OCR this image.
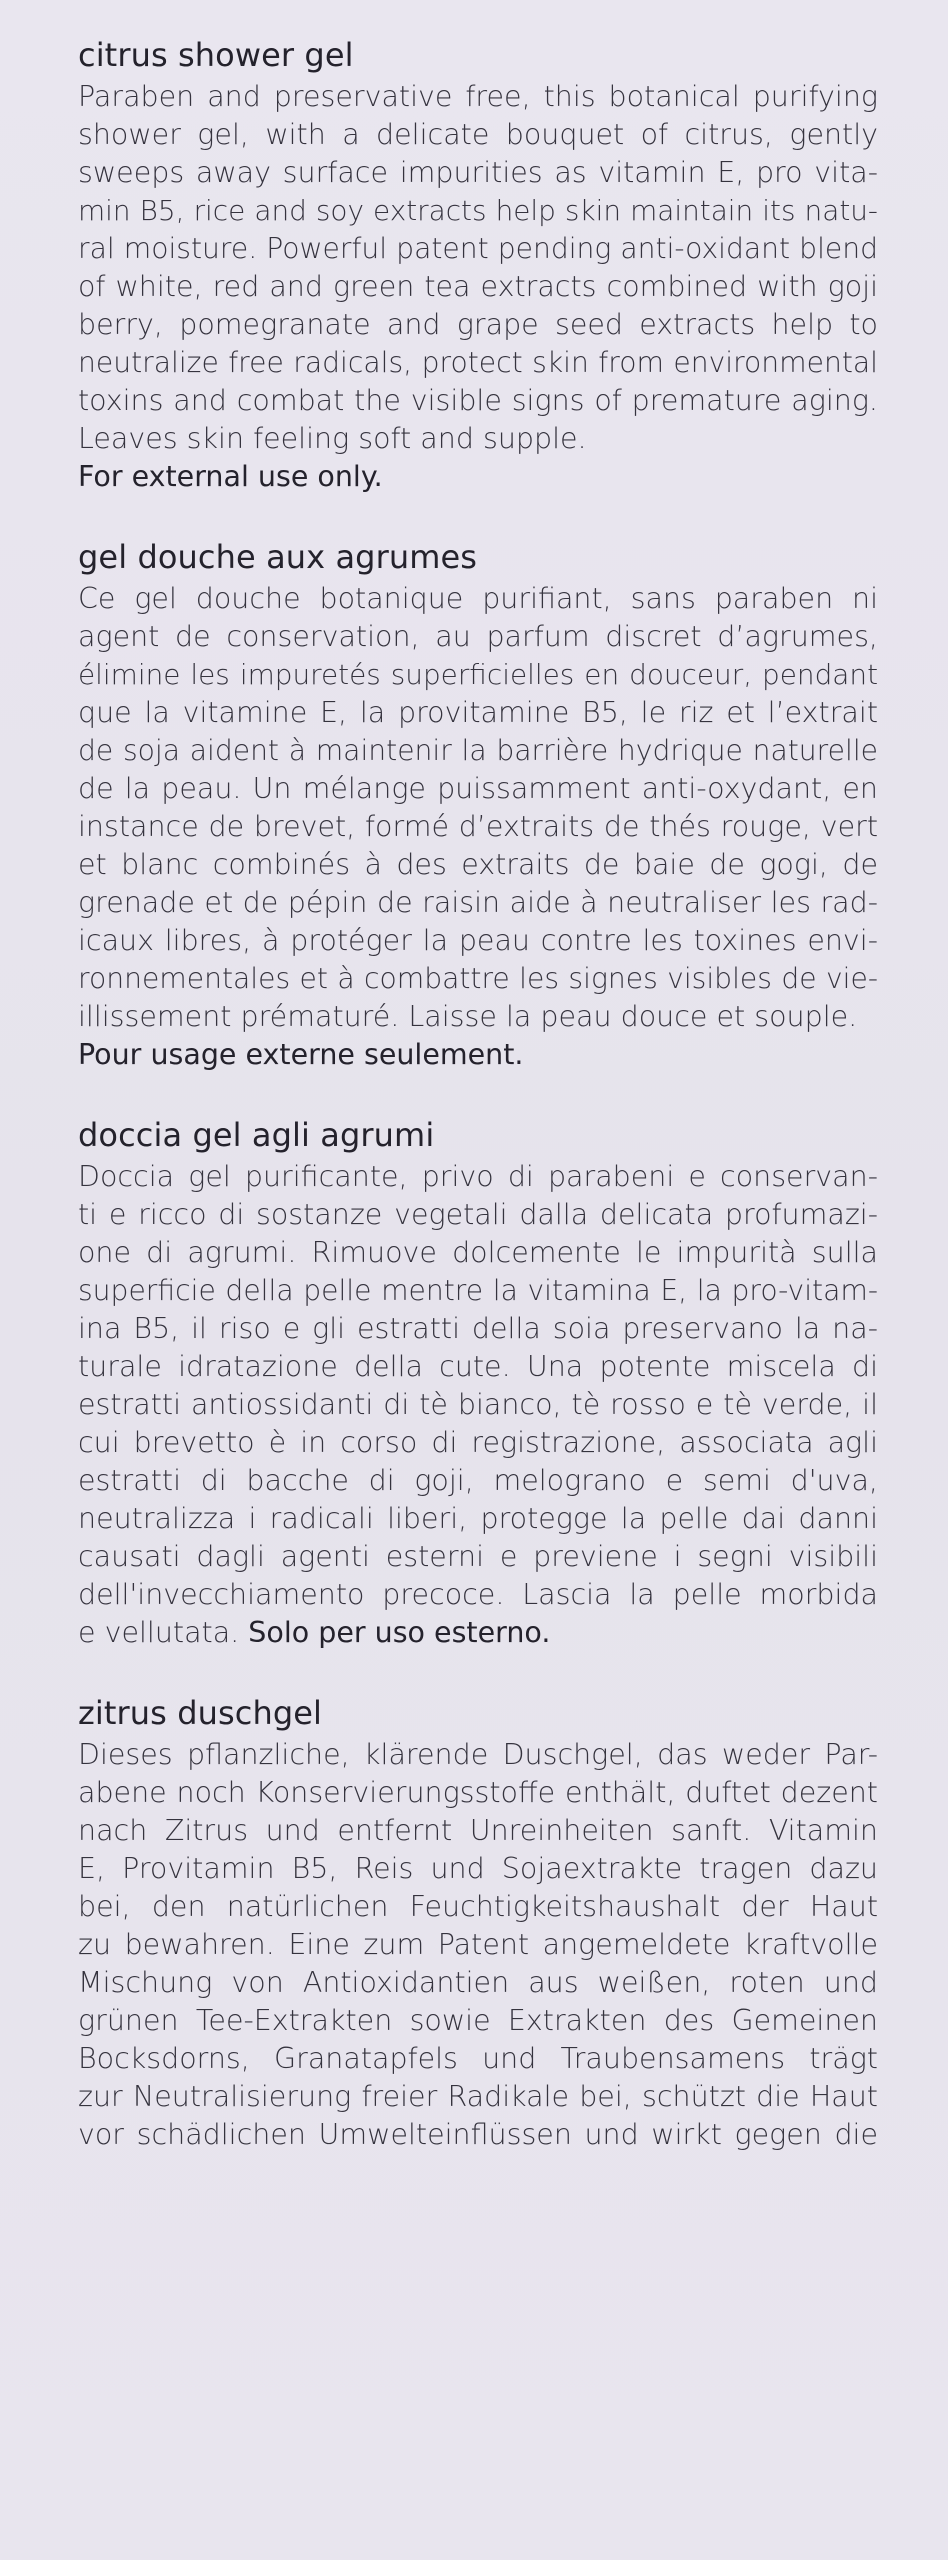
citrus shower gel
Paraben and preservative free, this botanical purifying
shower gel, with a delicate bouquet of citrus, gently
sweeps away surface impurities as vitamin E, pro vita-
min B5, rice and soy extracts help skin maintain its natu-
ral moisture. Powerful patent pending anti-oxidant blend
of white, red and green tea extracts combined with goji
berry, pomegranate and grape seed extracts help to
neutralize free radicals, protect skin from environmental
toxins and combat the visible signs of premature aging.
Leaves skin feeling soft and supple.
For external use only.
gel douche aux agrumes
Ce gel douche botanique purifiant, sans paraben ni
agent de conservation, au parfum discret d’agrumes,
élimine les impuretés superficielles en douceur, pendant
que la vitamine E, la provitamine B5, le riz et l’extrait
de soja aident à maintenir la barrière hydrique naturelle
de la peau. Un mélange puissamment anti-oxydant, en
instance de brevet, formé d’extraits de thés rouge, vert
et blanc combinés à des extraits de baie de gogi, de
grenade et de pépin de raisin aide à neutraliser les rad-
icaux libres, à protéger la peau contre les toxines envi-
ronnementales et à combattre les signes visibles de vie-
illissement prématuré. Laisse la peau douce et souple.
Pour usage externe seulement.
doccia gel agli agrumi
Doccia gel purificante, privo di parabeni e conservan-
ti e ricco di sostanze vegetali dalla delicata profumazi-
one di agrumi. Rimuove dolcemente le impurità sulla
superficie della pelle mentre la vitamina E, la pro-vitam-
ina B5, il riso e gli estratti della soia preservano la na-
turale idratazione della cute. Una potente miscela di
estratti antiossidanti di tè bianco, tè rosso e tè verde, il
cui brevetto è in corso di registrazione, associata agli
estratti di bacche di goji, melograno e semi d'uva,
neutralizza i radicali liberi, protegge la pelle dai danni
causati dagli agenti esterni e previene i segni visibili
dell'invecchiamento precoce. Lascia la pelle morbida
e vellutata. Solo per uso esterno.
zitrus duschgel
Dieses pflanzliche, klärende Duschgel, das weder Par-
abene noch Konservierungsstoffe enthält, duftet dezent
nach Zitrus und entfernt Unreinheiten sanft. Vitamin
E, Provitamin B5, Reis und Sojaextrakte tragen dazu
bei, den natürlichen Feuchtigkeitshaushalt der Haut
zu bewahren. Eine zum Patent angemeldete kraftvolle
Mischung von Antioxidantien aus weißen, roten und
grünen Tee-Extrakten sowie Extrakten des Gemeinen
Bocksdorns, Granatapfels und Traubensamens trägt
zur Neutralisierung freier Radikale bei, schützt die Haut
vor schädlichen Umwelteinflüssen und wirkt gegen die
